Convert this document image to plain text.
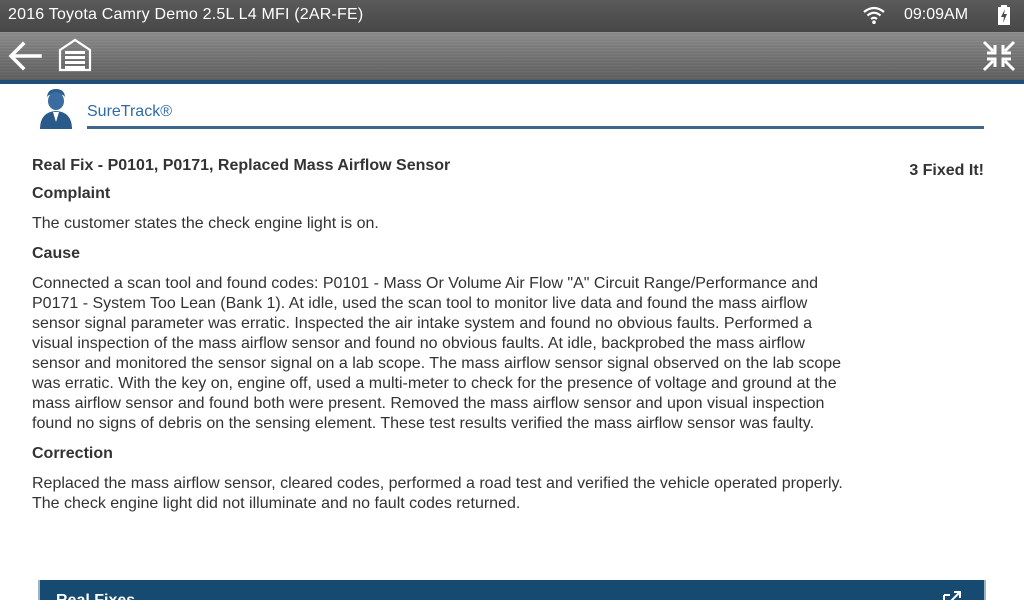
2016 Toyota Camry Demo 2.5L L4 MFI (2AR-FE)	09:09AM
SureTrack®
Real Fix - P0101, P0171, Replaced Mass Airflow Sensor
Complaint
The customer states the check engine light is on.
Cause
Connected a scan tool and found codes: P0101 - Mass Or Volume Air Flow "A" Circuit Range/Performance and P0171 - System Too Lean (Bank 1). At idle, used the scan tool to monitor live data and found the mass airflow sensor signal parameter was erratic. Inspected the air intake system and found no obvious faults. Performed a visual inspection of the mass airflow sensor and found no obvious faults. At idle, backprobed the mass airflow sensor and monitored the sensor signal on a lab scope. The mass airflow sensor signal observed on the lab scope was erratic. With the key on, engine off, used a multi-meter to check for the presence of voltage and ground at the mass airflow sensor and found both were present. Removed the mass airflow sensor and upon visual inspection found no signs of debris on the sensing element. These test results verified the mass airflow sensor was faulty.
Correction
Replaced the mass airflow sensor, cleared codes, performed a road test and verified the vehicle operated properly. The check engine light did not illuminate and no fault codes returned.
3 Fixed It!
Real Fixes
